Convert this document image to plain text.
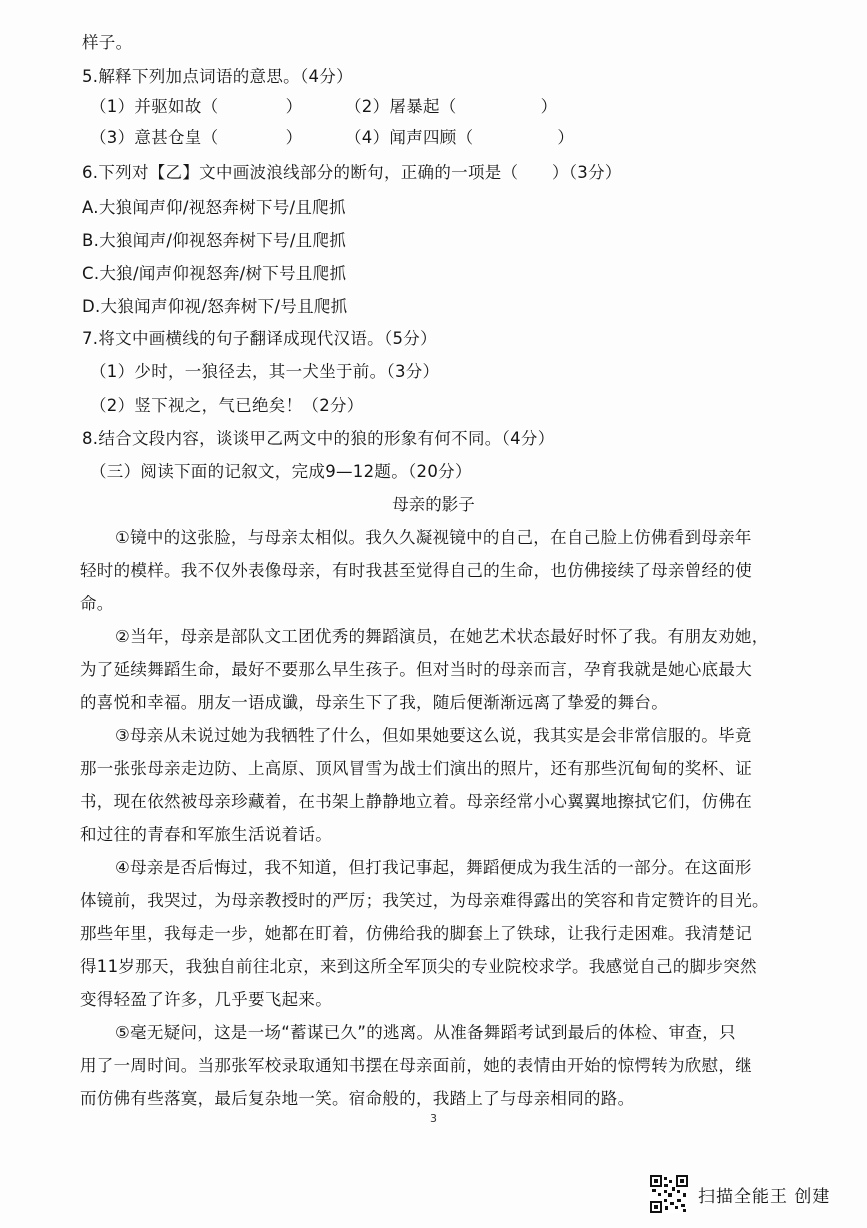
样子。
5.解释下列加点词语的意思。（4分）
（1）并驱如故（　　　　）	（2）屠暴起（　　　　　）
（3）意甚仓皇（　　　　）	（4）闻声四顾（　　　　　）
6.下列对【乙】文中画波浪线部分的断句，正确的一项是（　　）（3分）
A.大狼闻声仰/视怒奔树下号/且爬抓
B.大狼闻声/仰视怒奔树下号/且爬抓
C.大狼/闻声仰视怒奔/树下号且爬抓
D.大狼闻声仰视/怒奔树下/号且爬抓
7.将文中画横线的句子翻译成现代汉语。（5分）
（1）少时，一狼径去，其一犬坐于前。（3分）
（2）竖下视之，气已绝矣！（2分）
8.结合文段内容，谈谈甲乙两文中的狼的形象有何不同。（4分）
（三）阅读下面的记叙文，完成9—12题。（20分）
母亲的影子
①镜中的这张脸，与母亲太相似。我久久凝视镜中的自己，在自己脸上仿佛看到母亲年
轻时的模样。我不仅外表像母亲，有时我甚至觉得自己的生命，也仿佛接续了母亲曾经的使
命。
②当年，母亲是部队文工团优秀的舞蹈演员，在她艺术状态最好时怀了我。有朋友劝她，
为了延续舞蹈生命，最好不要那么早生孩子。但对当时的母亲而言，孕育我就是她心底最大
的喜悦和幸福。朋友一语成谶，母亲生下了我，随后便渐渐远离了挚爱的舞台。
③母亲从未说过她为我牺牲了什么，但如果她要这么说，我其实是会非常信服的。毕竟
那一张张母亲走边防、上高原、顶风冒雪为战士们演出的照片，还有那些沉甸甸的奖杯、证
书，现在依然被母亲珍藏着，在书架上静静地立着。母亲经常小心翼翼地擦拭它们，仿佛在
和过往的青春和军旅生活说着话。
④母亲是否后悔过，我不知道，但打我记事起，舞蹈便成为我生活的一部分。在这面形
体镜前，我哭过，为母亲教授时的严厉；我笑过，为母亲难得露出的笑容和肯定赞许的目光。
那些年里，我每走一步，她都在盯着，仿佛给我的脚套上了铁球，让我行走困难。我清楚记
得11岁那天，我独自前往北京，来到这所全军顶尖的专业院校求学。我感觉自己的脚步突然
变得轻盈了许多，几乎要飞起来。
⑤毫无疑问，这是一场“蓄谋已久”的逃离。从准备舞蹈考试到最后的体检、审查，只
用了一周时间。当那张军校录取通知书摆在母亲面前，她的表情由开始的惊愕转为欣慰，继
而仿佛有些落寞，最后复杂地一笑。宿命般的，我踏上了与母亲相同的路。
3
扫描全能王 创建
